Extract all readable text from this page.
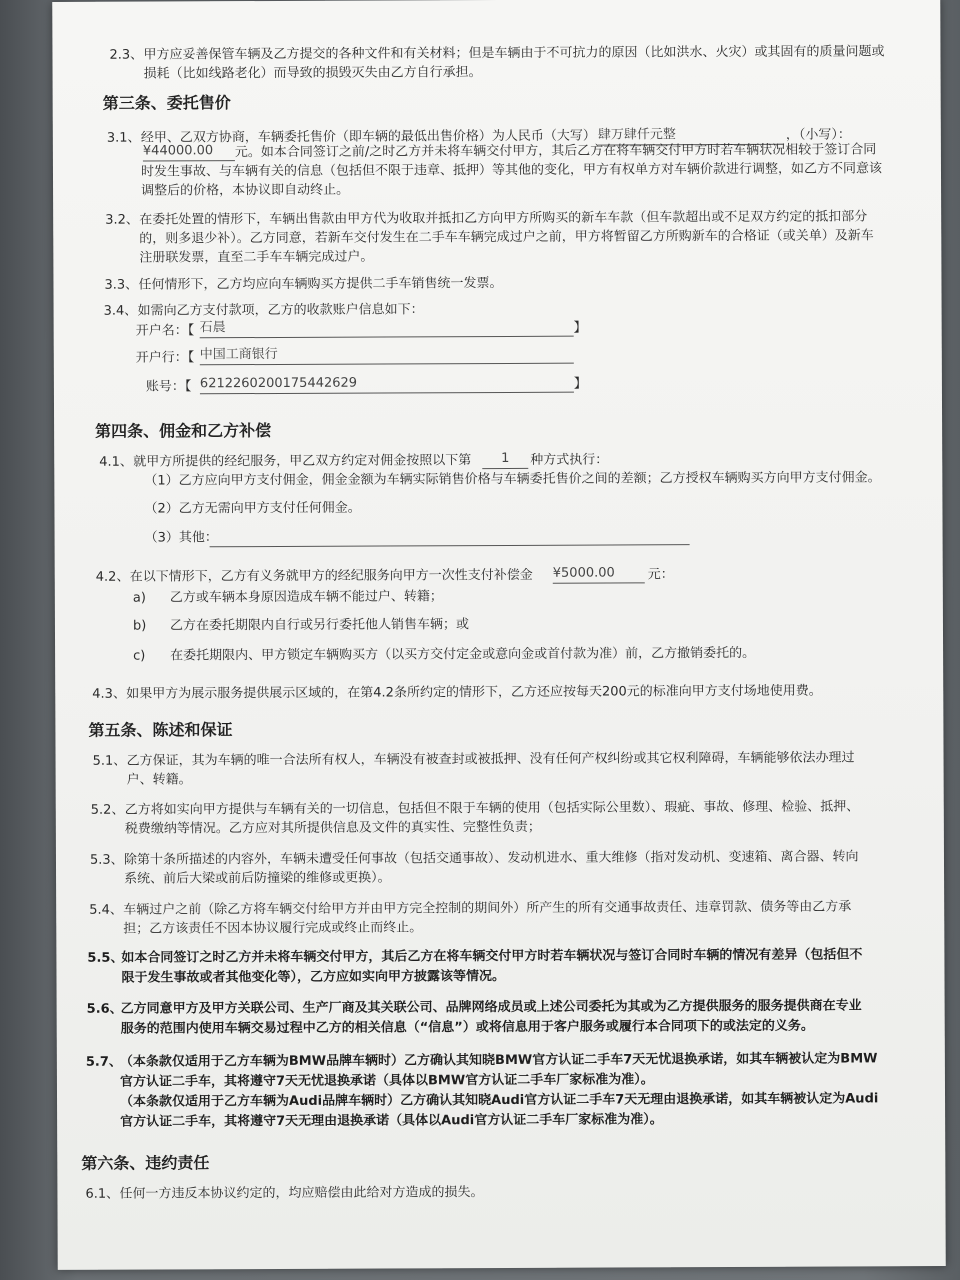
2.3、 甲方应妥善保管车辆及乙方提交的各种文件和有关材料；但是车辆由于不可抗力的原因（比如洪水、火灾）或其固有的质量问题或
损耗（比如线路老化）而导致的损毁灭失由乙方自行承担。
第三条、委托售价
3.1、 经甲、乙双方协商，车辆委托售价（即车辆的最低出售价格）为人民币（大写） 肆万肆仟元整	，（小写）：
¥44000.00	元。如本合同签订之前/之时乙方并未将车辆交付甲方，其后乙方在将车辆交付甲方时若车辆状况相较于签订合同
时发生事故、与车辆有关的信息（包括但不限于违章、抵押）等其他的变化，甲方有权单方对车辆价款进行调整，如乙方不同意该
调整后的价格，本协议即自动终止。
3.2、 在委托处置的情形下，车辆出售款由甲方代为收取并抵扣乙方向甲方所购买的新车车款（但车款超出或不足双方约定的抵扣部分
的，则多退少补）。乙方同意，若新车交付发生在二手车车辆完成过户之前，甲方将暂留乙方所购新车的合格证（或关单）及新车
注册联发票，直至二手车车辆完成过户。
3.3、 任何情形下，乙方均应向车辆购买方提供二手车销售统一发票。
3.4、 如需向乙方支付款项，乙方的收款账户信息如下：
开户名：【 石晨	】
开户行：【 中国工商银行
账号：【 6212260200175442629	】
第四条、佣金和乙方补偿
4.1、 就甲方所提供的经纪服务，甲乙双方约定对佣金按照以下第	1	种方式执行：
（1）乙方应向甲方支付佣金，佣金金额为车辆实际销售价格与车辆委托售价之间的差额；乙方授权车辆购买方向甲方支付佣金。
（2）乙方无需向甲方支付任何佣金。
（3）其他：
4.2、 在以下情形下，乙方有义务就甲方的经纪服务向甲方一次性支付补偿金 ¥5000.00	元：
a) 乙方或车辆本身原因造成车辆不能过户、转籍；
b) 乙方在委托期限内自行或另行委托他人销售车辆；或
c) 在委托期限内、甲方锁定车辆购买方（以买方交付定金或意向金或首付款为准）前，乙方撤销委托的。
4.3、 如果甲方为展示服务提供展示区域的，在第4.2条所约定的情形下，乙方还应按每天200元的标准向甲方支付场地使用费。
第五条、陈述和保证
5.1、 乙方保证，其为车辆的唯一合法所有权人，车辆没有被查封或被抵押、没有任何产权纠纷或其它权利障碍，车辆能够依法办理过
户、转籍。
5.2、 乙方将如实向甲方提供与车辆有关的一切信息，包括但不限于车辆的使用（包括实际公里数）、瑕疵、事故、修理、检验、抵押、
税费缴纳等情况。乙方应对其所提供信息及文件的真实性、完整性负责；
5.3、 除第十条所描述的内容外，车辆未遭受任何事故（包括交通事故）、发动机进水、重大维修（指对发动机、变速箱、离合器、转向
系统、前后大梁或前后防撞梁的维修或更换）。
5.4、 车辆过户之前（除乙方将车辆交付给甲方并由甲方完全控制的期间外）所产生的所有交通事故责任、违章罚款、债务等由乙方承
担；乙方该责任不因本协议履行完成或终止而终止。
5.5、
如本合同签订之时乙方并未将车辆交付甲方，其后乙方在将车辆交付甲方时若车辆状况与签订合同时车辆的情况有差异（包括但不
限于发生事故或者其他变化等），乙方应如实向甲方披露该等情况。
5.6、
乙方同意甲方及甲方关联公司、生产厂商及其关联公司、品牌网络成员或上述公司委托为其或为乙方提供服务的服务提供商在专业
服务的范围内使用车辆交易过程中乙方的相关信息（“信息”）或将信息用于客户服务或履行本合同项下的或法定的义务。
5.7、
（本条款仅适用于乙方车辆为BMW品牌车辆时）乙方确认其知晓BMW官方认证二手车7天无忧退换承诺，如其车辆被认定为BMW
官方认证二手车，其将遵守7天无忧退换承诺（具体以BMW官方认证二手车厂家标准为准）。
（本条款仅适用于乙方车辆为Audi品牌车辆时）乙方确认其知晓Audi官方认证二手车7天无理由退换承诺，如其车辆被认定为Audi
官方认证二手车，其将遵守7天无理由退换承诺（具体以Audi官方认证二手车厂家标准为准）。
第六条、违约责任
6.1、 任何一方违反本协议约定的，均应赔偿由此给对方造成的损失。
